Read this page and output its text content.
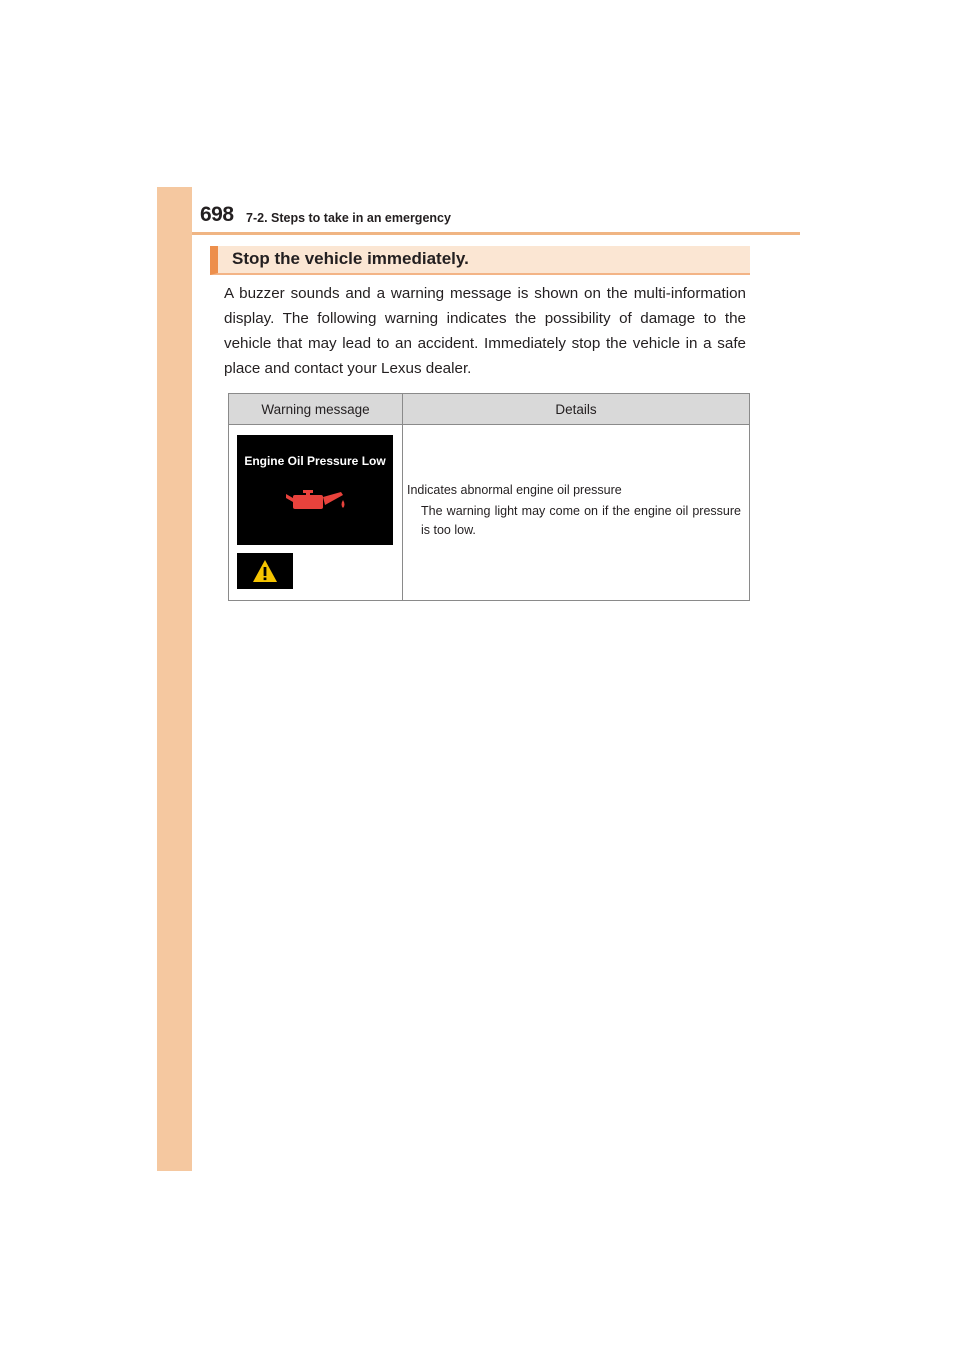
698 7-2. Steps to take in an emergency
Stop the vehicle immediately.

A buzzer sounds and a warning message is shown on the multi-information display. The following warning indicates the possibility of damage to the vehicle that may lead to an accident. Immediately stop the vehicle in a safe place and contact your Lexus dealer.

Warning message	Details

Engine Oil Pressure Low	Indicates abnormal engine oil pressure
The warning light may come on if the engine oil pressure is too low.
